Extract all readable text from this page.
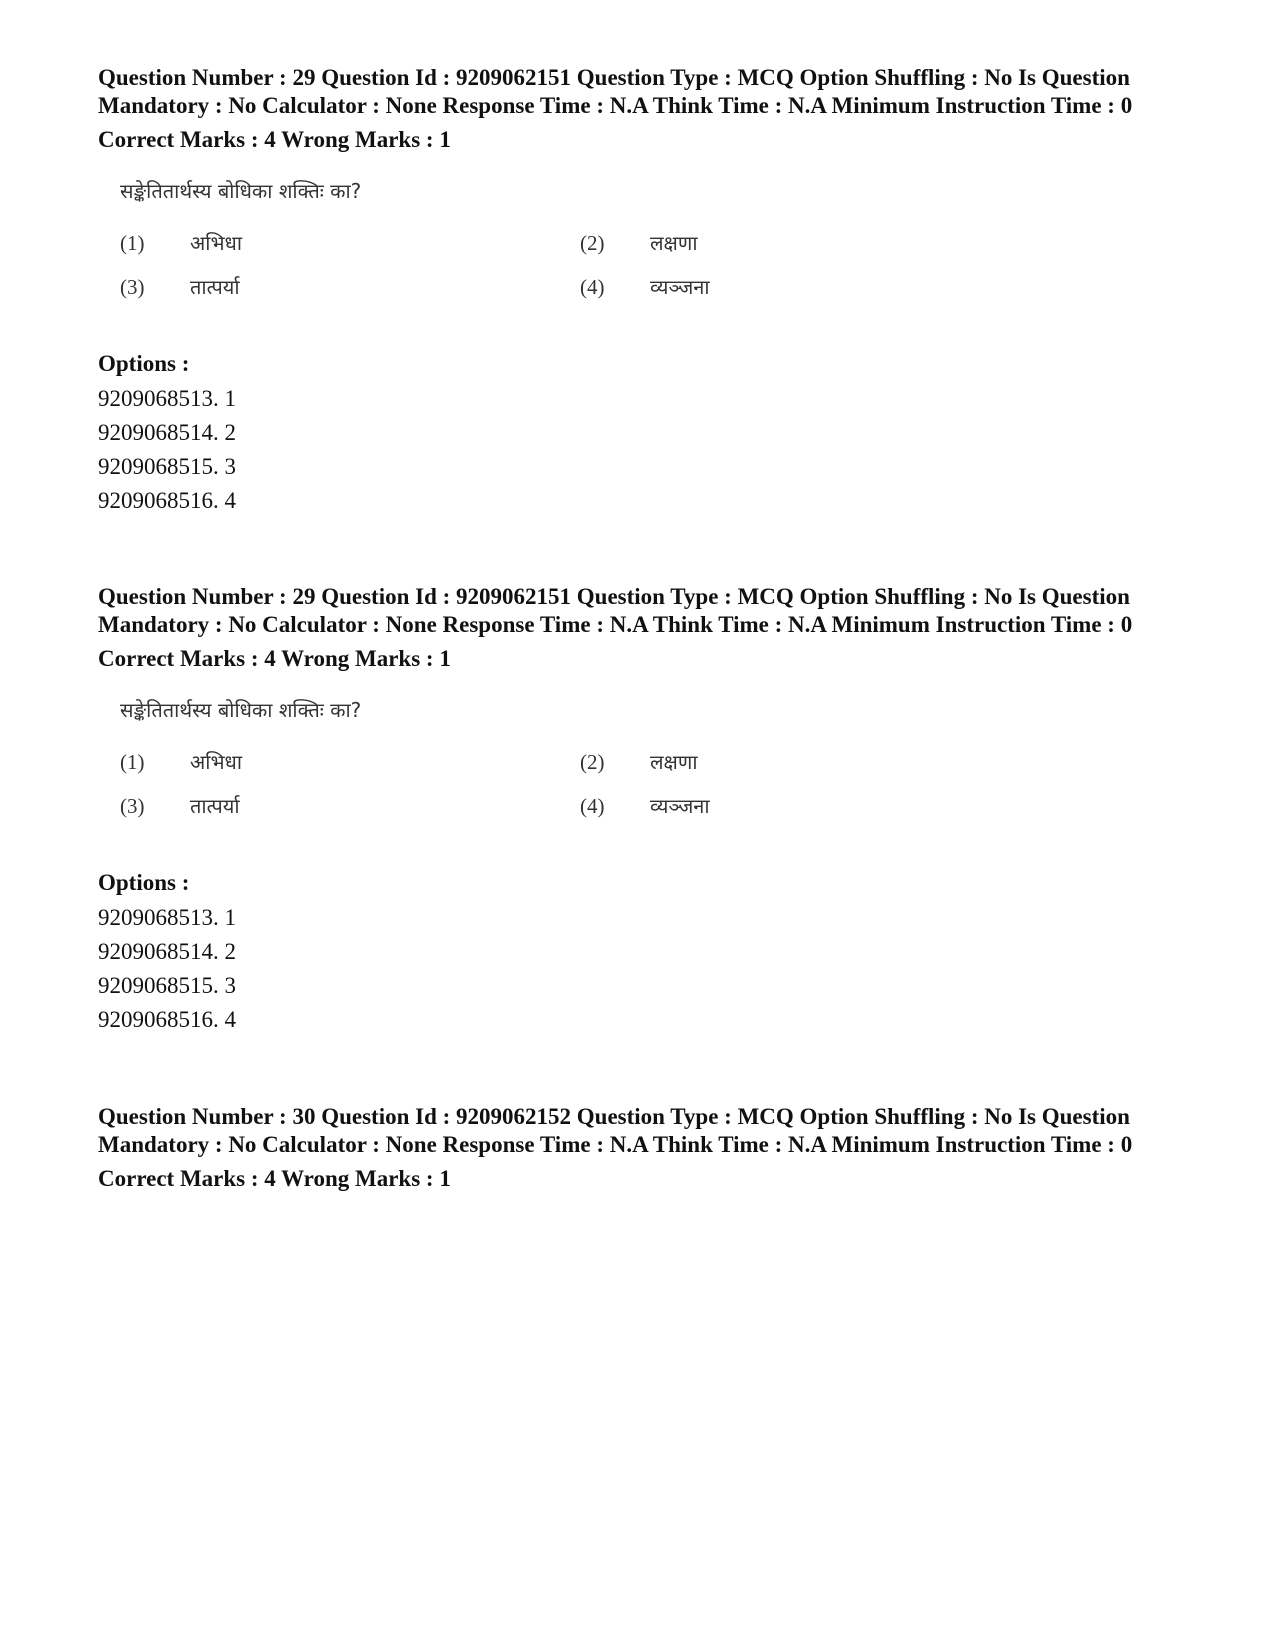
Question Number : 29 Question Id : 9209062151 Question Type : MCQ Option Shuffling : No Is Question Mandatory : No Calculator : None Response Time : N.A Think Time : N.A Minimum Instruction Time : 0

Correct Marks : 4 Wrong Marks : 1

सङ्केतितार्थस्य बोधिका शक्तिः का?
(1) अभिधा	(2) लक्षणा
(3) तात्पर्या	(4) व्यञ्जना

Options :

9209068513. 1

9209068514. 2

9209068515. 3

9209068516. 4

Question Number : 29 Question Id : 9209062151 Question Type : MCQ Option Shuffling : No Is Question Mandatory : No Calculator : None Response Time : N.A Think Time : N.A Minimum Instruction Time : 0

Correct Marks : 4 Wrong Marks : 1

सङ्केतितार्थस्य बोधिका शक्तिः का?
(1) अभिधा	(2) लक्षणा
(3) तात्पर्या	(4) व्यञ्जना

Options :

9209068513. 1

9209068514. 2

9209068515. 3

9209068516. 4

Question Number : 30 Question Id : 9209062152 Question Type : MCQ Option Shuffling : No Is Question Mandatory : No Calculator : None Response Time : N.A Think Time : N.A Minimum Instruction Time : 0

Correct Marks : 4 Wrong Marks : 1
